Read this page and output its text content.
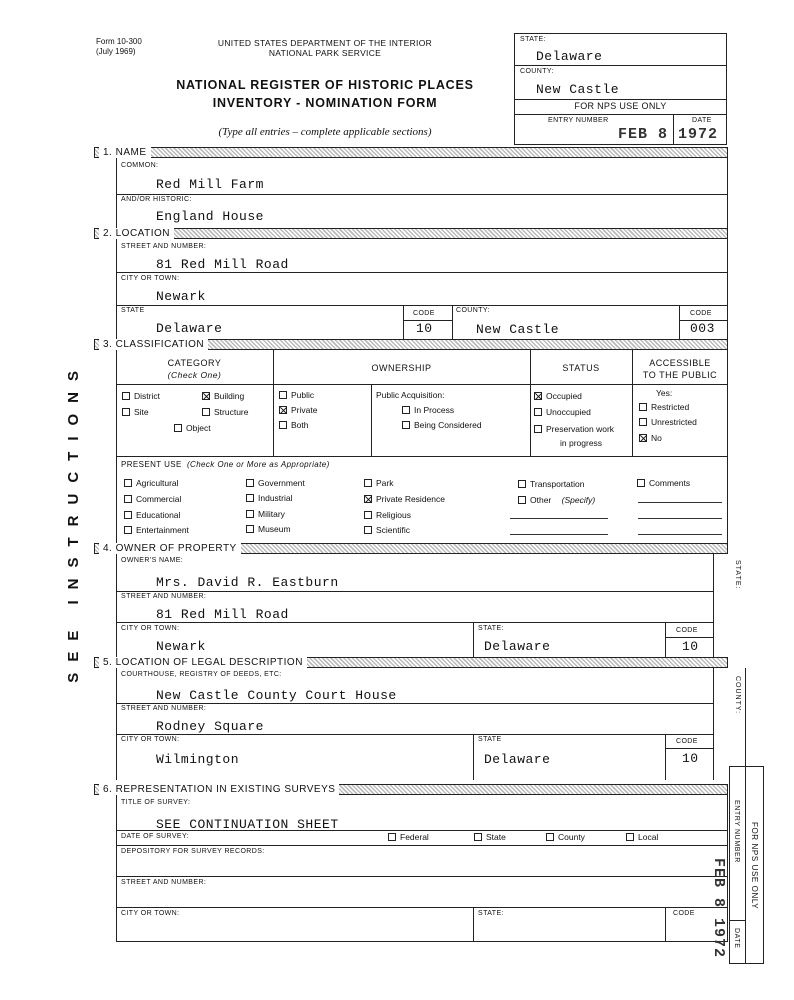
Form 10-300
(July 1969)
UNITED STATES DEPARTMENT OF THE INTERIOR
NATIONAL PARK SERVICE
NATIONAL REGISTER OF HISTORIC PLACES
INVENTORY - NOMINATION FORM
(Type all entries – complete applicable sections)
STATE:
Delaware
COUNTY:
New Castle
FOR NPS USE ONLY
ENTRY NUMBER	DATE
FEB 8 1972
SEE INSTRUCTIONS
1. NAME
COMMON:
Red Mill Farm
AND/OR HISTORIC:
England House
2. LOCATION
STREET AND NUMBER:
81 Red Mill Road
CITY OR TOWN:
Newark
STATE
Delaware
CODE
10
COUNTY:
New Castle
CODE
003
3. CLASSIFICATION
CATEGORY
(Check One)
OWNERSHIP	STATUS	ACCESSIBLE
TO THE PUBLIC
District	Building
Site	Structure
Object
Public
Private
Both
Public Acquisition:
In Process
Being Considered
Occupied
Unoccupied
Preservation work
in progress
Yes:
Restricted
Unrestricted
No
PRESENT USE (Check One or More as Appropriate)
Agricultural
Commercial
Educational
Entertainment
Government
Industrial
Military
Museum
Park
Private Residence
Religious
Scientific
Transportation
Other
(Specify)
Comments
4. OWNER OF PROPERTY
OWNER'S NAME:
Mrs. David R. Eastburn
STREET AND NUMBER:
81 Red Mill Road
CITY OR TOWN:
Newark
STATE:
Delaware
CODE
10
STATE:
5. LOCATION OF LEGAL DESCRIPTION
COURTHOUSE, REGISTRY OF DEEDS, ETC:
New Castle County Court House
STREET AND NUMBER:
Rodney Square
CITY OR TOWN:
Wilmington
STATE
Delaware
CODE
10
COUNTY:
6. REPRESENTATION IN EXISTING SURVEYS
TITLE OF SURVEY:
SEE CONTINUATION SHEET
DATE OF SURVEY:	Federal	State	County	Local
DEPOSITORY FOR SURVEY RECORDS:
STREET AND NUMBER:
CITY OR TOWN:	STATE:	CODE
FOR NPS USE ONLY
ENTRY NUMBER
DATE
FEB 8 1972
